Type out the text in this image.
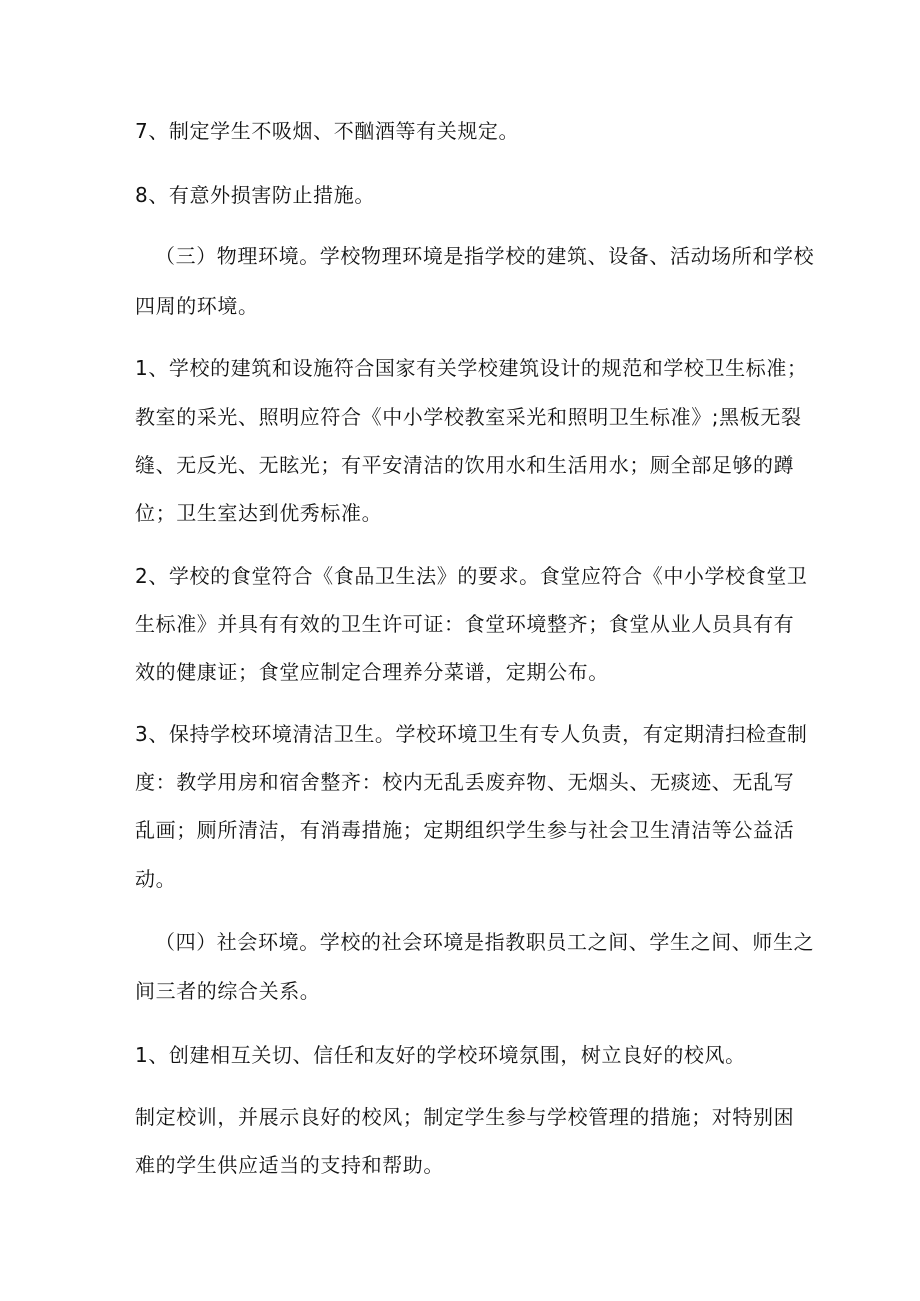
7、制定学生不吸烟、不酗酒等有关规定。
8、有意外损害防止措施。
（三）物理环境。学校物理环境是指学校的建筑、设备、活动场所和学校
四周的环境。
1、学校的建筑和设施符合国家有关学校建筑设计的规范和学校卫生标准；
教室的采光、照明应符合《中小学校教室采光和照明卫生标准》;黑板无裂
缝、无反光、无眩光；有平安清洁的饮用水和生活用水；厕全部足够的蹲
位；卫生室达到优秀标准。
2、学校的食堂符合《食品卫生法》的要求。食堂应符合《中小学校食堂卫
生标准》并具有有效的卫生许可证：食堂环境整齐；食堂从业人员具有有
效的健康证；食堂应制定合理养分菜谱，定期公布。
3、保持学校环境清洁卫生。学校环境卫生有专人负责，有定期清扫检查制
度：教学用房和宿舍整齐：校内无乱丢废弃物、无烟头、无痰迹、无乱写
乱画；厕所清洁，有消毒措施；定期组织学生参与社会卫生清洁等公益活
动。
（四）社会环境。学校的社会环境是指教职员工之间、学生之间、师生之
间三者的综合关系。
1、创建相互关切、信任和友好的学校环境氛围，树立良好的校风。
制定校训，并展示良好的校风；制定学生参与学校管理的措施；对特别困
难的学生供应适当的支持和帮助。
